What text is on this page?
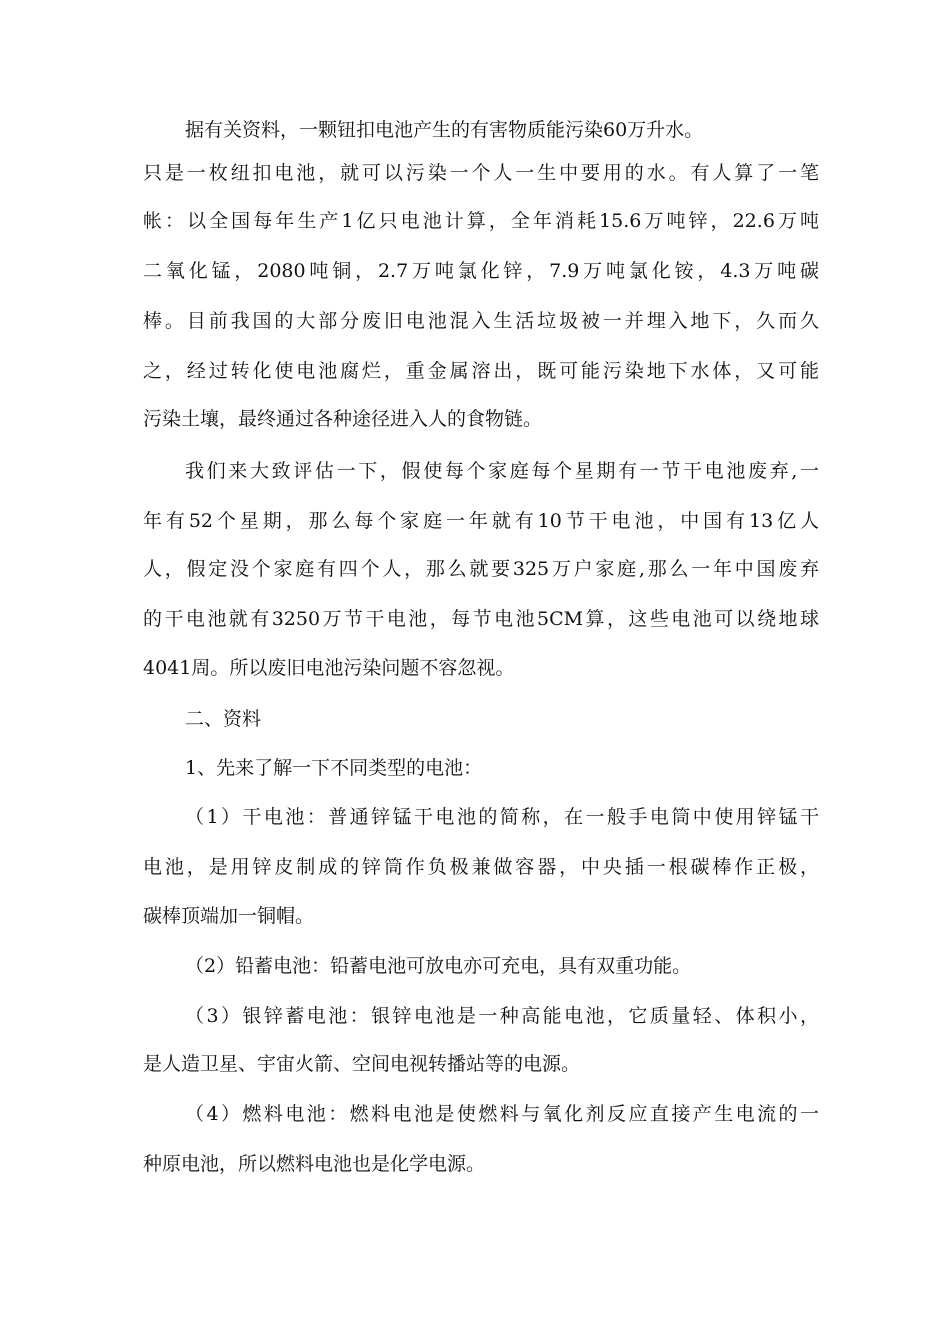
据有关资料，一颗钮扣电池产生的有害物质能污染60万升水。
只是一枚纽扣电池，就可以污染一个人一生中要用的水。有人算了一笔
帐：以全国每年生产1亿只电池计算，全年消耗15.6万吨锌，22.6万吨
二氧化锰，2080吨铜，2.7万吨氯化锌，7.9万吨氯化铵，4.3万吨碳
棒。目前我国的大部分废旧电池混入生活垃圾被一并埋入地下，久而久
之，经过转化使电池腐烂，重金属溶出，既可能污染地下水体，又可能
污染土壤，最终通过各种途径进入人的食物链。
我们来大致评估一下，假使每个家庭每个星期有一节干电池废弃,一
年有52个星期，那么每个家庭一年就有10节干电池，中国有13亿人
人，假定没个家庭有四个人，那么就要325万户家庭,那么一年中国废弃
的干电池就有3250万节干电池，每节电池5CM算，这些电池可以绕地球
4041周。所以废旧电池污染问题不容忽视。
二、资料
1、先来了解一下不同类型的电池：
（1）干电池：普通锌锰干电池的简称，在一般手电筒中使用锌锰干
电池，是用锌皮制成的锌筒作负极兼做容器，中央插一根碳棒作正极，
碳棒顶端加一铜帽。
（2）铅蓄电池：铅蓄电池可放电亦可充电，具有双重功能。
（3）银锌蓄电池：银锌电池是一种高能电池，它质量轻、体积小，
是人造卫星、宇宙火箭、空间电视转播站等的电源。
（4）燃料电池：燃料电池是使燃料与氧化剂反应直接产生电流的一
种原电池，所以燃料电池也是化学电源。
